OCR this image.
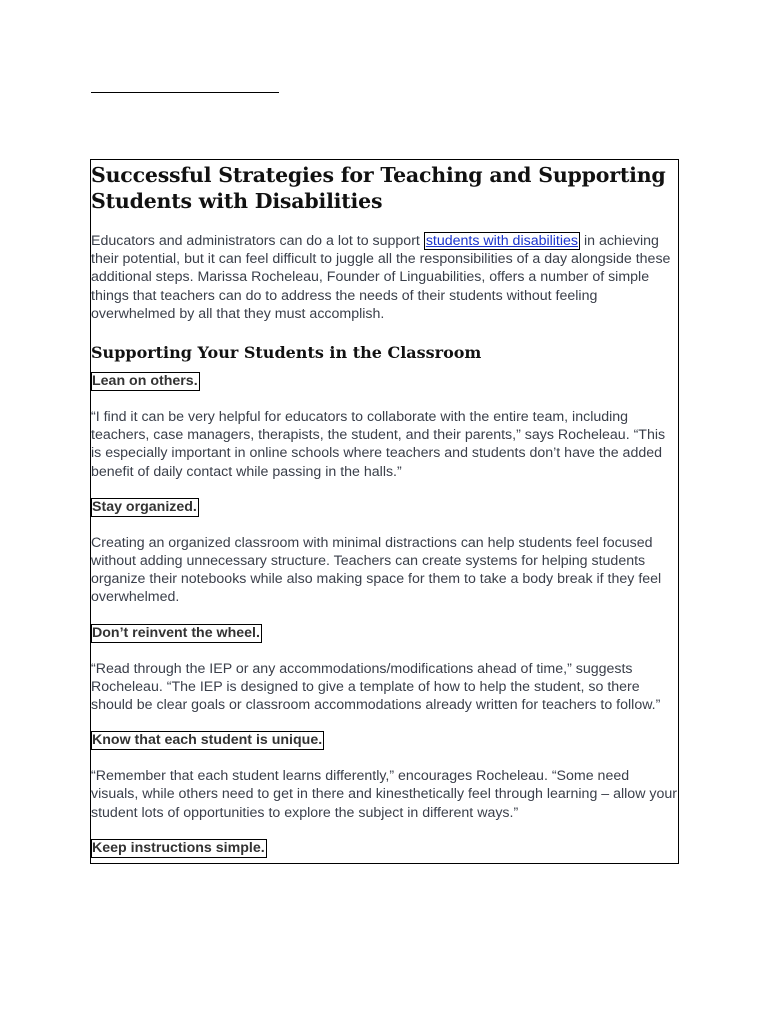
Successful Strategies for Teaching and Supporting Students with Disabilities

Educators and administrators can do a lot to support students with disabilities in achieving their potential, but it can feel difficult to juggle all the responsibilities of a day alongside these additional steps. Marissa Rocheleau, Founder of Linguabilities, offers a number of simple things that teachers can do to address the needs of their students without feeling overwhelmed by all that they must accomplish.

Supporting Your Students in the Classroom
Lean on others.

“I find it can be very helpful for educators to collaborate with the entire team, including teachers, case managers, therapists, the student, and their parents,” says Rocheleau. “This is especially important in online schools where teachers and students don’t have the added benefit of daily contact while passing in the halls.”

Stay organized.

Creating an organized classroom with minimal distractions can help students feel focused without adding unnecessary structure. Teachers can create systems for helping students organize their notebooks while also making space for them to take a body break if they feel overwhelmed.

Don’t reinvent the wheel.

“Read through the IEP or any accommodations/modifications ahead of time,” suggests Rocheleau. “The IEP is designed to give a template of how to help the student, so there should be clear goals or classroom accommodations already written for teachers to follow.”

Know that each student is unique.

“Remember that each student learns differently,” encourages Rocheleau. “Some need visuals, while others need to get in there and kinesthetically feel through learning – allow your student lots of opportunities to explore the subject in different ways.”

Keep instructions simple.
